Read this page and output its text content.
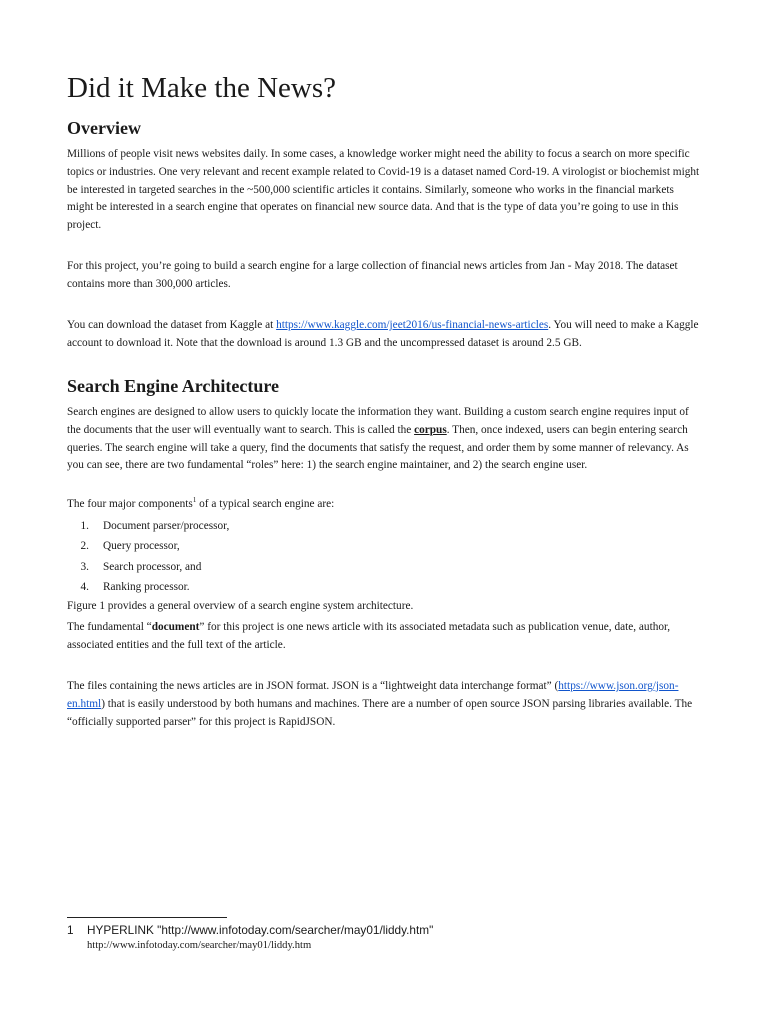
Did it Make the News?
Overview

Millions of people visit news websites daily. In some cases, a knowledge worker might need the ability to focus a search on more specific topics or industries. One very relevant and recent example related to Covid-19 is a dataset named Cord-19. A virologist or biochemist might be interested in targeted searches in the ~500,000 scientific articles it contains. Similarly, someone who works in the financial markets might be interested in a search engine that operates on financial new source data. And that is the type of data you’re going to use in this project.

For this project, you’re going to build a search engine for a large collection of financial news articles from Jan - May 2018. The dataset contains more than 300,000 articles.

You can download the dataset from Kaggle at https://www.kaggle.com/jeet2016/us-financial-news-articles. You will need to make a Kaggle account to download it. Note that the download is around 1.3 GB and the uncompressed dataset is around 2.5 GB.

Search Engine Architecture

Search engines are designed to allow users to quickly locate the information they want. Building a custom search engine requires input of the documents that the user will eventually want to search. This is called the corpus. Then, once indexed, users can begin entering search queries. The search engine will take a query, find the documents that satisfy the request, and order them by some manner of relevancy. As you can see, there are two fundamental “roles” here: 1) the search engine maintainer, and 2) the search engine user.

The four major components$^1$ of a typical search engine are:

1. Document parser/processor,
2. Query processor,
3. Search processor, and
4. Ranking processor.

Figure 1 provides a general overview of a search engine system architecture.

The fundamental “document” for this project is one news article with its associated metadata such as publication venue, date, author, associated entities and the full text of the article.

The files containing the news articles are in JSON format. JSON is a “lightweight data interchange format” (https://www.json.org/json-en.html) that is easily understood by both humans and machines. There are a number of open source JSON parsing libraries available. The “officially supported parser” for this project is RapidJSON.

1 HYPERLINK "http://www.infotoday.com/searcher/may01/liddy.htm"
http://www.infotoday.com/searcher/may01/liddy.htm
